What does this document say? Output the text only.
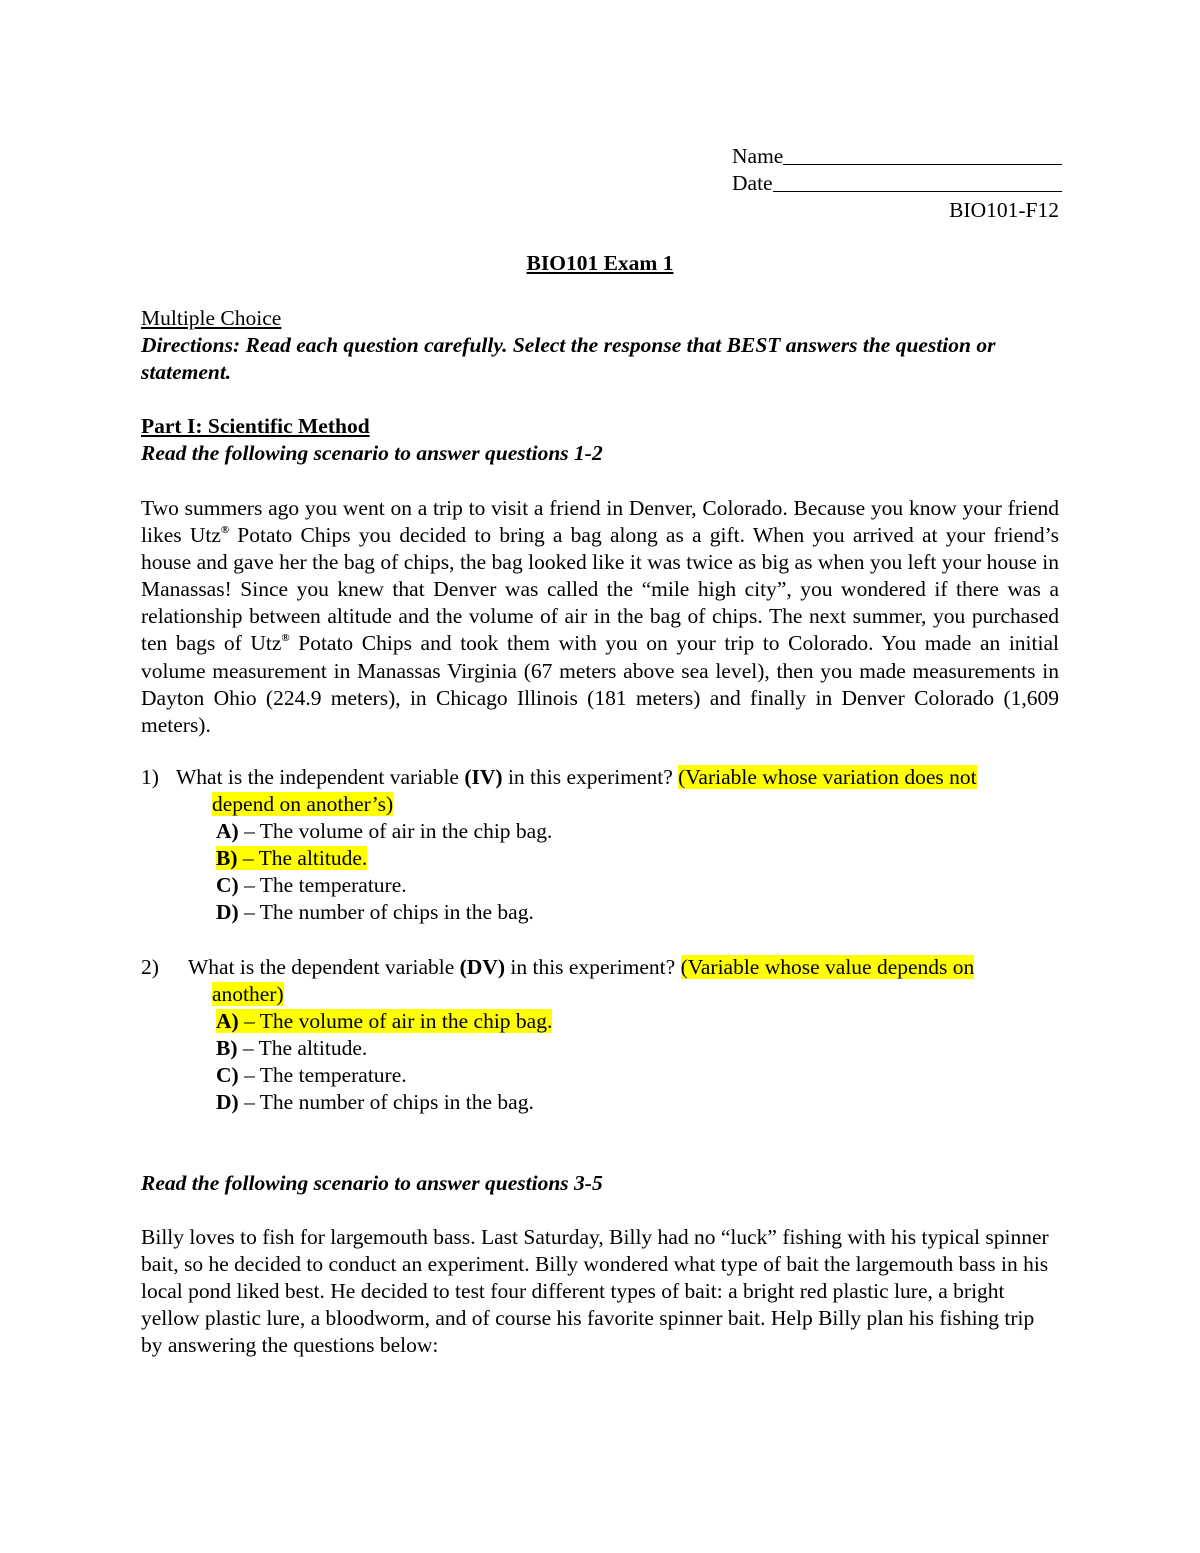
Name
Date
BIO101-F12
BIO101 Exam 1
Multiple Choice
Directions: Read each question carefully. Select the response that BEST answers the question or statement.
Part I: Scientific Method
Read the following scenario to answer questions 1-2
Two summers ago you went on a trip to visit a friend in Denver, Colorado. Because you know your friend likes Utz® Potato Chips you decided to bring a bag along as a gift. When you arrived at your friend’s house and gave her the bag of chips, the bag looked like it was twice as big as when you left your house in Manassas! Since you knew that Denver was called the “mile high city”, you wondered if there was a relationship between altitude and the volume of air in the bag of chips. The next summer, you purchased ten bags of Utz® Potato Chips and took them with you on your trip to Colorado. You made an initial volume measurement in Manassas Virginia (67 meters above sea level), then you made measurements in Dayton Ohio (224.9 meters), in Chicago Illinois (181 meters) and finally in Denver Colorado (1,609 meters).
1) What is the independent variable (IV) in this experiment? (Variable whose variation does not
depend on another’s)
A) – The volume of air in the chip bag.
B) – The altitude.
C) – The temperature.
D) – The number of chips in the bag.
2) What is the dependent variable (DV) in this experiment? (Variable whose value depends on
another)
A) – The volume of air in the chip bag.
B) – The altitude.
C) – The temperature.
D) – The number of chips in the bag.
Read the following scenario to answer questions 3-5
Billy loves to fish for largemouth bass. Last Saturday, Billy had no “luck” fishing with his typical spinner bait, so he decided to conduct an experiment. Billy wondered what type of bait the largemouth bass in his local pond liked best. He decided to test four different types of bait: a bright red plastic lure, a bright yellow plastic lure, a bloodworm, and of course his favorite spinner bait. Help Billy plan his fishing trip by answering the questions below:
